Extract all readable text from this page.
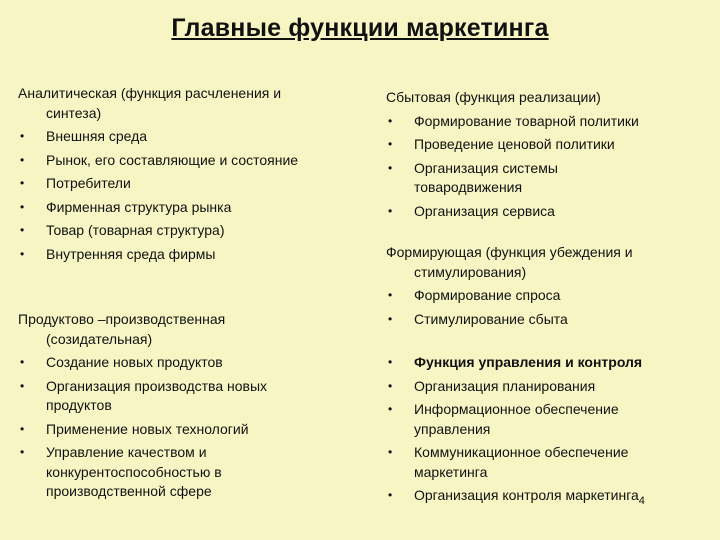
Главные функции маркетинга
Аналитическая (функция расчленения и
синтеза)
• Внешняя среда
• Рынок, его составляющие и состояние
• Потребители
• Фирменная структура рынка
• Товар (товарная структура)
• Внутренняя среда фирмы
Продуктово –производственная
(созидательная)
• Создание новых продуктов
• Организация производства новых продуктов
• Применение новых технологий
• Управление качеством и конкурентоспособностью в производственной сфере
Сбытовая (функция реализации)
• Формирование товарной политики
• Проведение ценовой политики
• Организация системы товародвижения
• Организация сервиса
Формирующая (функция убеждения и
стимулирования)
• Формирование спроса
• Стимулирование сбыта
• Функция управления и контроля
• Организация планирования
• Информационное обеспечение управления
• Коммуникационное обеспечение маркетинга
• Организация контроля маркетинга$_4$
